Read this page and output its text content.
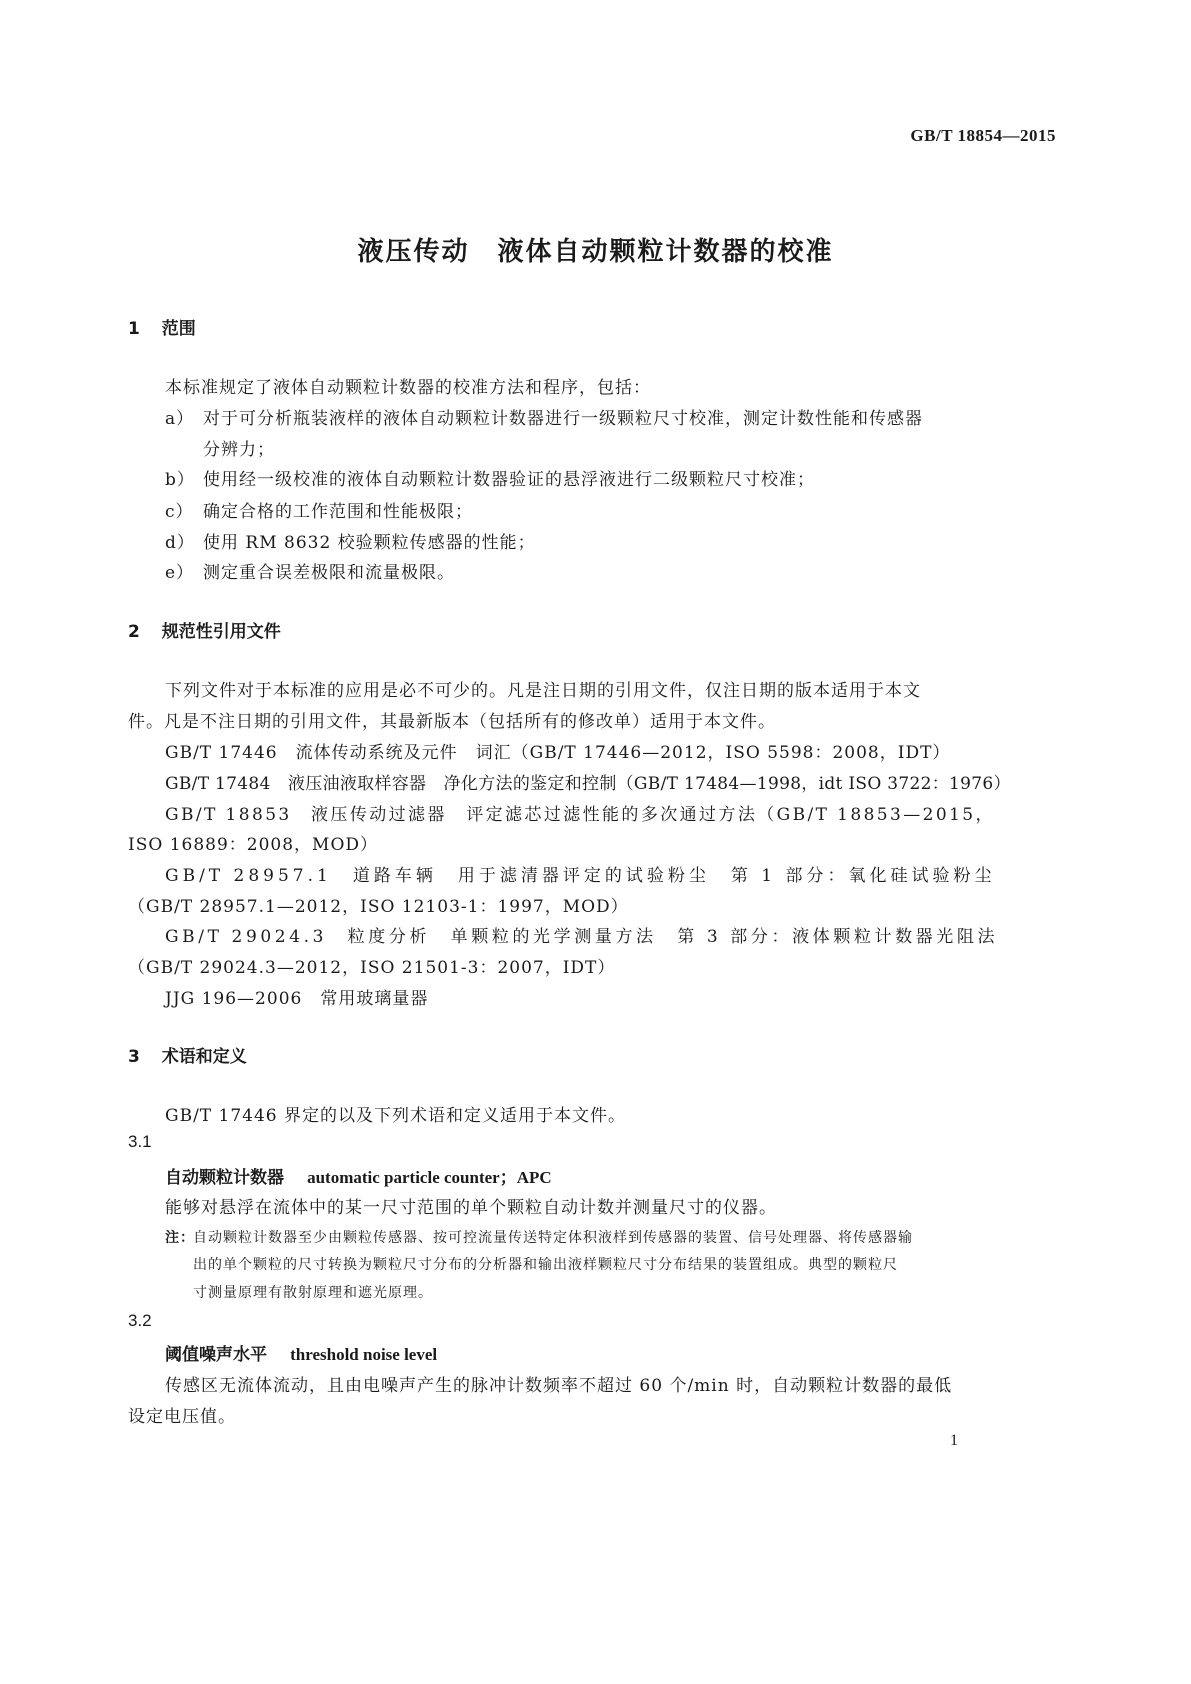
GB/T 18854—2015
液压传动　液体自动颗粒计数器的校准
1 范围
本标准规定了液体自动颗粒计数器的校准方法和程序，包括：
a） 对于可分析瓶装液样的液体自动颗粒计数器进行一级颗粒尺寸校准，测定计数性能和传感器
分辨力；
b） 使用经一级校准的液体自动颗粒计数器验证的悬浮液进行二级颗粒尺寸校准；
c） 确定合格的工作范围和性能极限；
d） 使用 RM 8632 校验颗粒传感器的性能；
e） 测定重合误差极限和流量极限。
2 规范性引用文件
下列文件对于本标准的应用是必不可少的。凡是注日期的引用文件，仅注日期的版本适用于本文
件。凡是不注日期的引用文件，其最新版本（包括所有的修改单）适用于本文件。
GB/T 17446　流体传动系统及元件　词汇（GB/T 17446—2012，ISO 5598：2008，IDT）
GB/T 17484　液压油液取样容器　净化方法的鉴定和控制（GB/T 17484—1998，idt ISO 3722：1976）
GB/T 18853　液压传动过滤器　评定滤芯过滤性能的多次通过方法（GB/T 18853—2015，
ISO 16889：2008，MOD）
GB/T 28957.1　道路车辆　用于滤清器评定的试验粉尘　第 1 部分：氧化硅试验粉尘
（GB/T 28957.1—2012，ISO 12103-1：1997，MOD）
GB/T 29024.3　粒度分析　单颗粒的光学测量方法　第 3 部分：液体颗粒计数器光阻法
（GB/T 29024.3—2012，ISO 21501-3：2007，IDT）
JJG 196—2006　常用玻璃量器
3 术语和定义
GB/T 17446 界定的以及下列术语和定义适用于本文件。
3.1
自动颗粒计数器 automatic particle counter；APC
能够对悬浮在流体中的某一尺寸范围的单个颗粒自动计数并测量尺寸的仪器。
注：
自动颗粒计数器至少由颗粒传感器、按可控流量传送特定体积液样到传感器的装置、信号处理器、将传感器输
出的单个颗粒的尺寸转换为颗粒尺寸分布的分析器和输出液样颗粒尺寸分布结果的装置组成。典型的颗粒尺
寸测量原理有散射原理和遮光原理。
3.2
阈值噪声水平 threshold noise level
传感区无流体流动，且由电噪声产生的脉冲计数频率不超过 60 个/min 时，自动颗粒计数器的最低
设定电压值。
1
